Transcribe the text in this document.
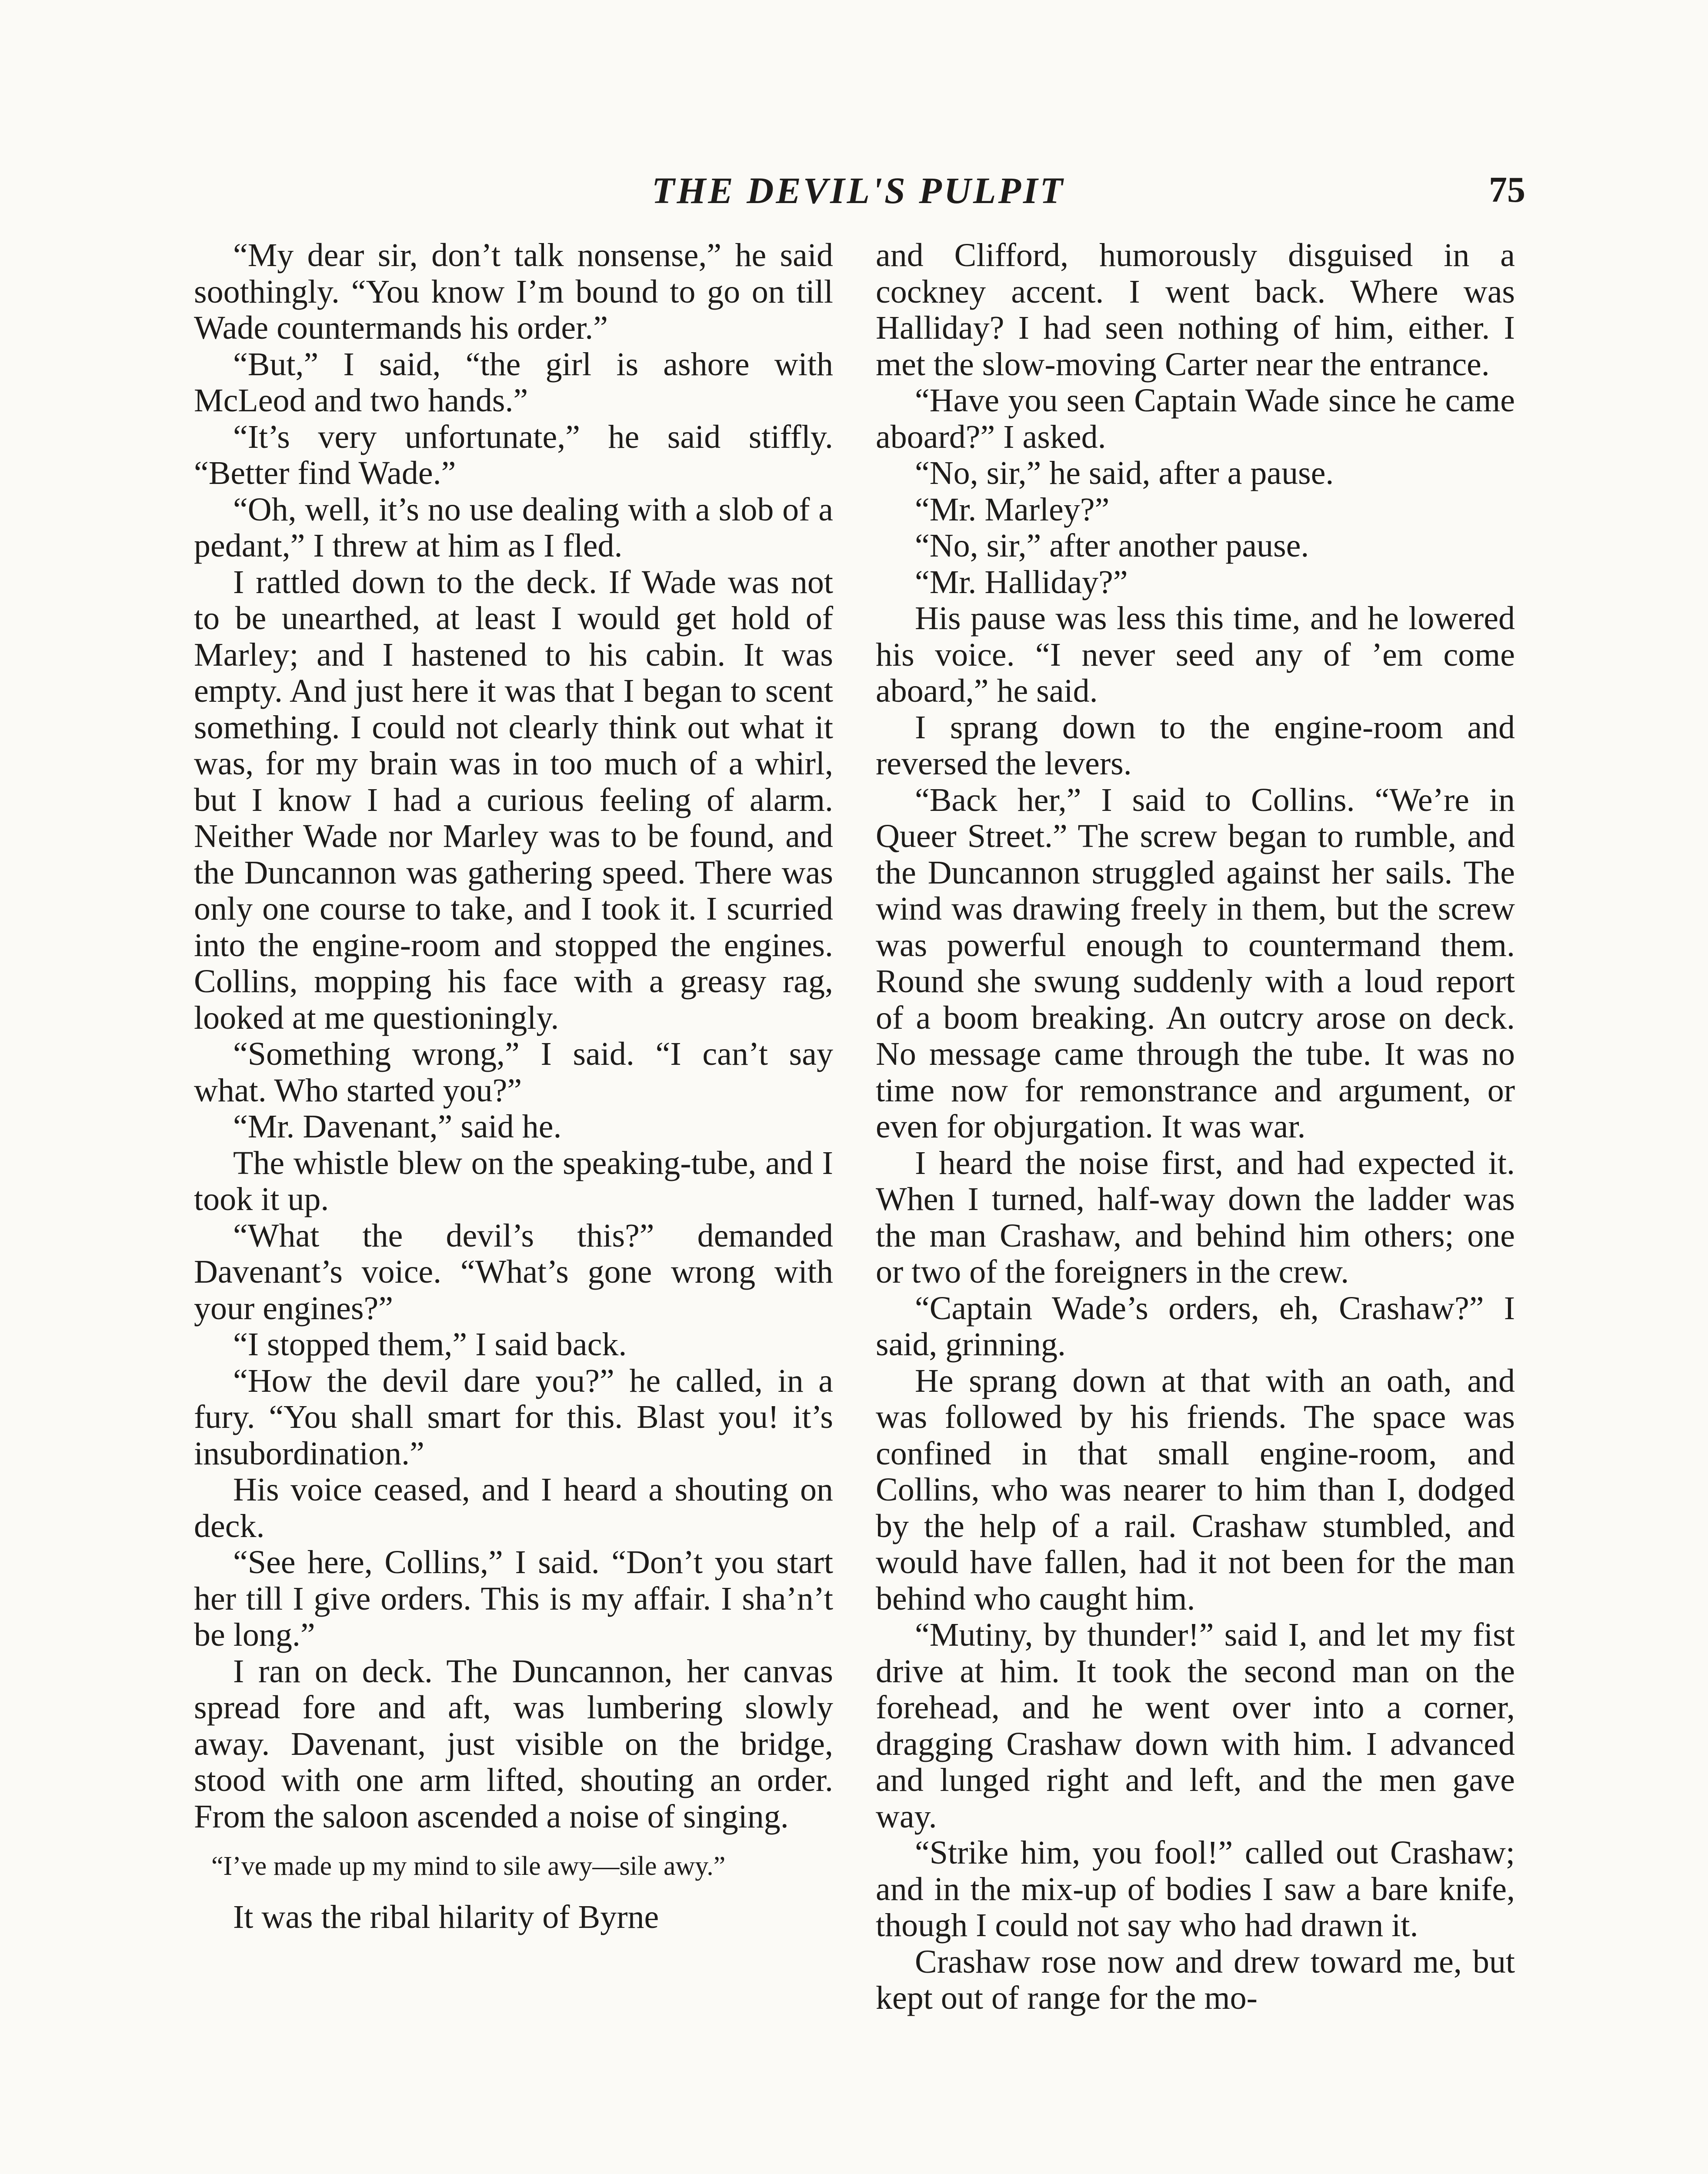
THE DEVIL'S PULPIT	75

“My dear sir, don’t talk nonsense,” he said soothingly. “You know I’m bound to go on till Wade countermands his order.”

“But,” I said, “the girl is ashore with McLeod and two hands.”

“It’s very unfortunate,” he said stiffly. “Better find Wade.”

“Oh, well, it’s no use dealing with a slob of a pedant,” I threw at him as I fled.

I rattled down to the deck. If Wade was not to be unearthed, at least I would get hold of Marley; and I hastened to his cabin. It was empty. And just here it was that I began to scent something. I could not clearly think out what it was, for my brain was in too much of a whirl, but I know I had a curious feeling of alarm. Neither Wade nor Marley was to be found, and the Duncannon was gathering speed. There was only one course to take, and I took it. I scurried into the engine-room and stopped the engines. Collins, mopping his face with a greasy rag, looked at me questioningly.

“Something wrong,” I said. “I can’t say what. Who started you?”

“Mr. Davenant,” said he.

The whistle blew on the speaking-tube, and I took it up.

“What the devil’s this?” demanded Davenant’s voice. “What’s gone wrong with your engines?”

“I stopped them,” I said back.

“How the devil dare you?” he called, in a fury. “You shall smart for this. Blast you! it’s insubordination.”

His voice ceased, and I heard a shouting on deck.

“See here, Collins,” I said. “Don’t you start her till I give orders. This is my affair. I sha’n’t be long.”

I ran on deck. The Duncannon, her canvas spread fore and aft, was lumbering slowly away. Davenant, just visible on the bridge, stood with one arm lifted, shouting an order. From the saloon ascended a noise of singing.

“I’ve made up my mind to sile awy—sile awy.”

It was the ribal hilarity of Byrne

and Clifford, humorously disguised in a cockney accent. I went back. Where was Halliday? I had seen nothing of him, either. I met the slow-moving Carter near the entrance.

“Have you seen Captain Wade since he came aboard?” I asked.

“No, sir,” he said, after a pause.

“Mr. Marley?”

“No, sir,” after another pause.

“Mr. Halliday?”

His pause was less this time, and he lowered his voice. “I never seed any of ’em come aboard,” he said.

I sprang down to the engine-room and reversed the levers.

“Back her,” I said to Collins. “We’re in Queer Street.” The screw began to rumble, and the Duncannon struggled against her sails. The wind was drawing freely in them, but the screw was powerful enough to countermand them. Round she swung suddenly with a loud report of a boom breaking. An outcry arose on deck. No message came through the tube. It was no time now for remonstrance and argument, or even for objurgation. It was war.

I heard the noise first, and had expected it. When I turned, half-way down the ladder was the man Crashaw, and behind him others; one or two of the foreigners in the crew.

“Captain Wade’s orders, eh, Crashaw?” I said, grinning.

He sprang down at that with an oath, and was followed by his friends. The space was confined in that small engine-room, and Collins, who was nearer to him than I, dodged by the help of a rail. Crashaw stumbled, and would have fallen, had it not been for the man behind who caught him.

“Mutiny, by thunder!” said I, and let my fist drive at him. It took the second man on the forehead, and he went over into a corner, dragging Crashaw down with him. I advanced and lunged right and left, and the men gave way.

“Strike him, you fool!” called out Crashaw; and in the mix-up of bodies I saw a bare knife, though I could not say who had drawn it.

Crashaw rose now and drew toward me, but kept out of range for the mo-
